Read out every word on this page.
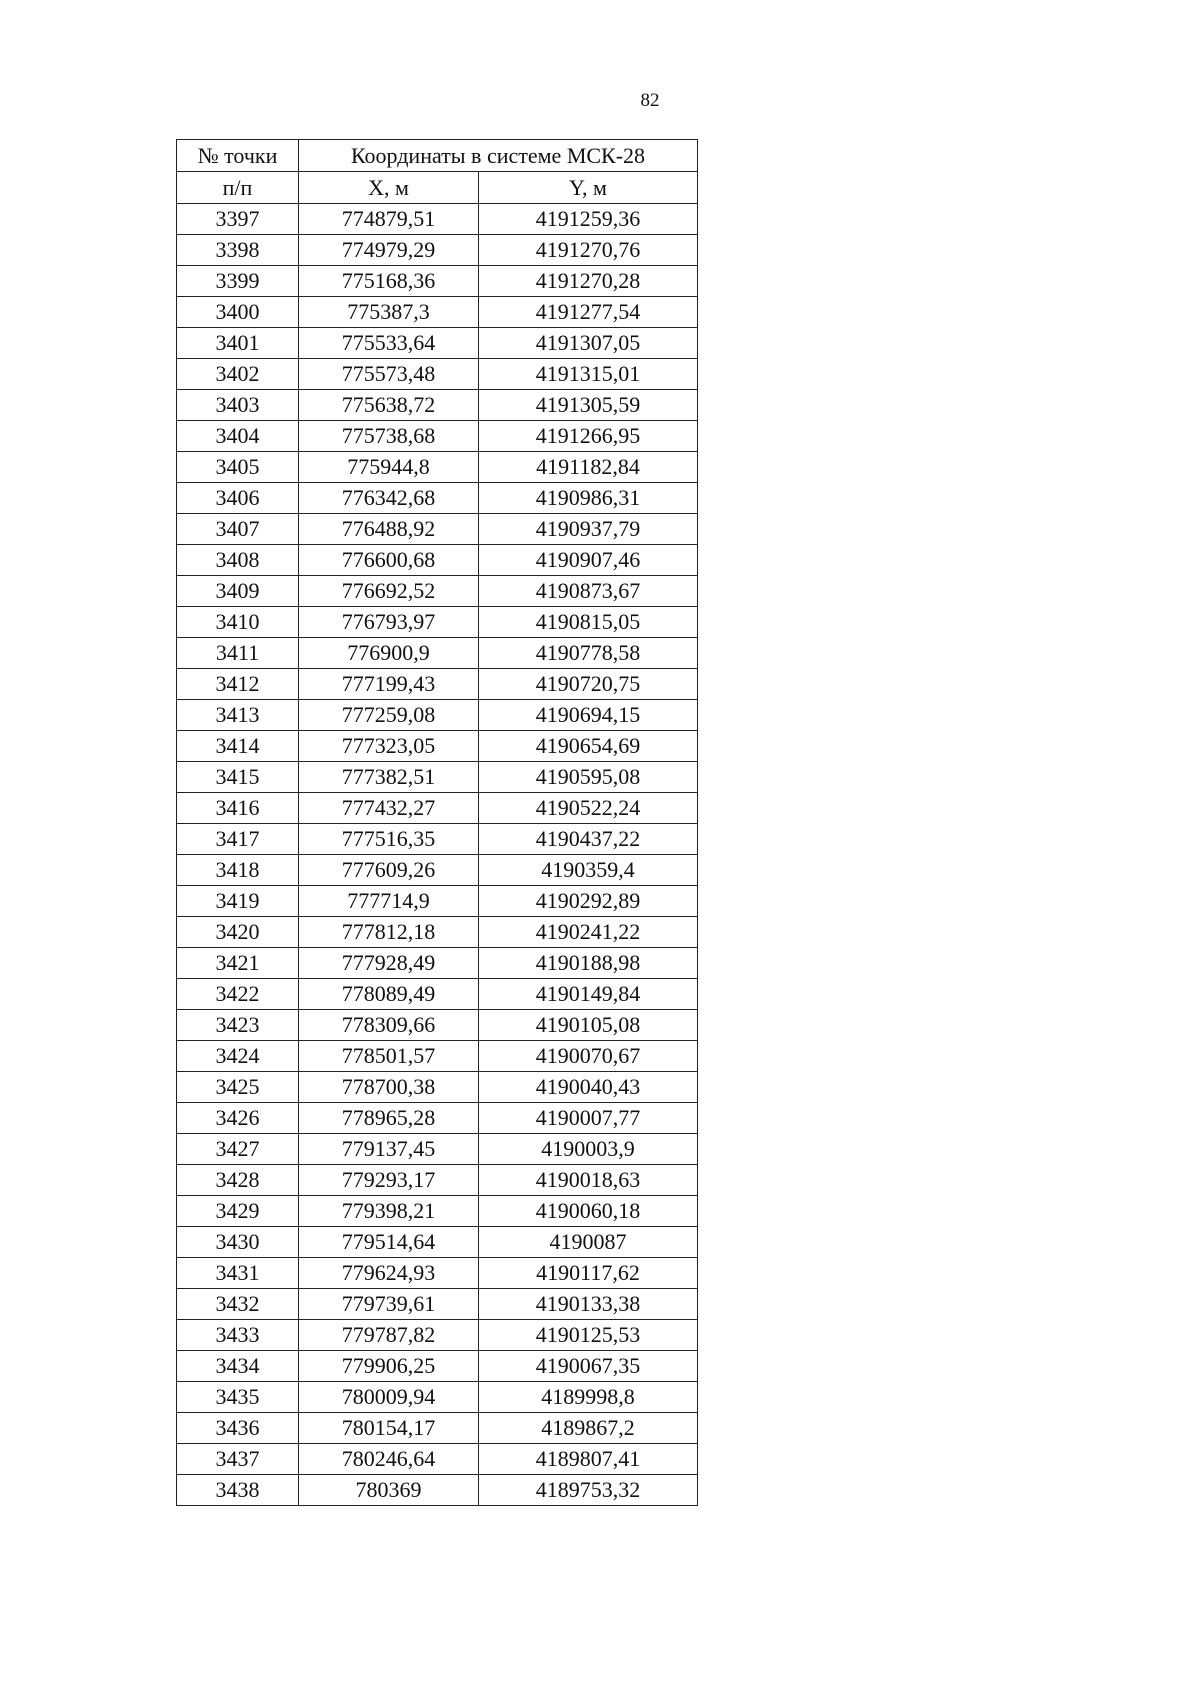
82
№ точки	Координаты в системе МСК-28	
п/п	X, м	Y, м
3397	774879,51	4191259,36
3398	774979,29	4191270,76
3399	775168,36	4191270,28
3400	775387,3	4191277,54
3401	775533,64	4191307,05
3402	775573,48	4191315,01
3403	775638,72	4191305,59
3404	775738,68	4191266,95
3405	775944,8	4191182,84
3406	776342,68	4190986,31
3407	776488,92	4190937,79
3408	776600,68	4190907,46
3409	776692,52	4190873,67
3410	776793,97	4190815,05
3411	776900,9	4190778,58
3412	777199,43	4190720,75
3413	777259,08	4190694,15
3414	777323,05	4190654,69
3415	777382,51	4190595,08
3416	777432,27	4190522,24
3417	777516,35	4190437,22
3418	777609,26	4190359,4
3419	777714,9	4190292,89
3420	777812,18	4190241,22
3421	777928,49	4190188,98
3422	778089,49	4190149,84
3423	778309,66	4190105,08
3424	778501,57	4190070,67
3425	778700,38	4190040,43
3426	778965,28	4190007,77
3427	779137,45	4190003,9
3428	779293,17	4190018,63
3429	779398,21	4190060,18
3430	779514,64	4190087
3431	779624,93	4190117,62
3432	779739,61	4190133,38
3433	779787,82	4190125,53
3434	779906,25	4190067,35
3435	780009,94	4189998,8
3436	780154,17	4189867,2
3437	780246,64	4189807,41
3438	780369	4189753,32
